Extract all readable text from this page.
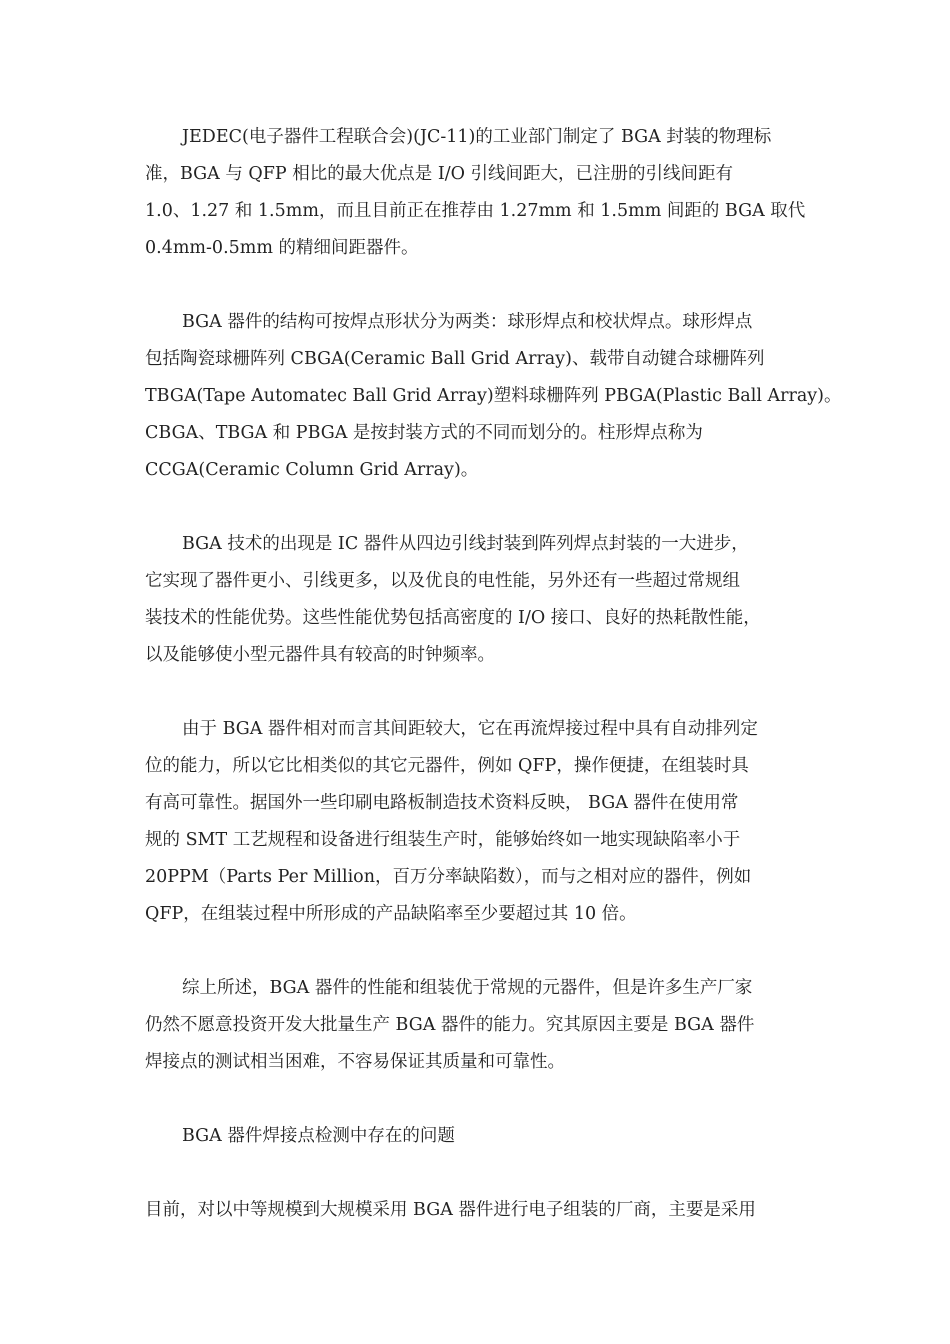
JEDEC(电子器件工程联合会)(JC-11)的工业部门制定了 BGA 封装的物理标
准，BGA 与 QFP 相比的最大优点是 I/O 引线间距大，已注册的引线间距有
1.0、1.27 和 1.5mm，而且目前正在推荐由 1.27mm 和 1.5mm 间距的 BGA 取代
0.4mm-0.5mm 的精细间距器件。
BGA 器件的结构可按焊点形状分为两类：球形焊点和校状焊点。球形焊点
包括陶瓷球栅阵列 CBGA(Ceramic Ball Grid Array)、载带自动键合球栅阵列
TBGA(Tape Automatec Ball Grid Array)塑料球栅阵列 PBGA(Plastic Ball Array)。
CBGA、TBGA 和 PBGA 是按封装方式的不同而划分的。柱形焊点称为
CCGA(Ceramic Column Grid Array)。
BGA 技术的出现是 IC 器件从四边引线封装到阵列焊点封装的一大进步，
它实现了器件更小、引线更多，以及优良的电性能，另外还有一些超过常规组
装技术的性能优势。这些性能优势包括高密度的 I/O 接口、良好的热耗散性能，
以及能够使小型元器件具有较高的时钟频率。
由于 BGA 器件相对而言其间距较大，它在再流焊接过程中具有自动排列定
位的能力，所以它比相类似的其它元器件，例如 QFP，操作便捷，在组装时具
有高可靠性。据国外一些印刷电路板制造技术资料反映， BGA 器件在使用常
规的 SMT 工艺规程和设备进行组装生产时，能够始终如一地实现缺陷率小于
20PPM（Parts Per Million，百万分率缺陷数），而与之相对应的器件，例如
QFP，在组装过程中所形成的产品缺陷率至少要超过其 10 倍。
综上所述，BGA 器件的性能和组装优于常规的元器件，但是许多生产厂家
仍然不愿意投资开发大批量生产 BGA 器件的能力。究其原因主要是 BGA 器件
焊接点的测试相当困难，不容易保证其质量和可靠性。
BGA 器件焊接点检测中存在的问题
目前，对以中等规模到大规模采用 BGA 器件进行电子组装的厂商，主要是采用
